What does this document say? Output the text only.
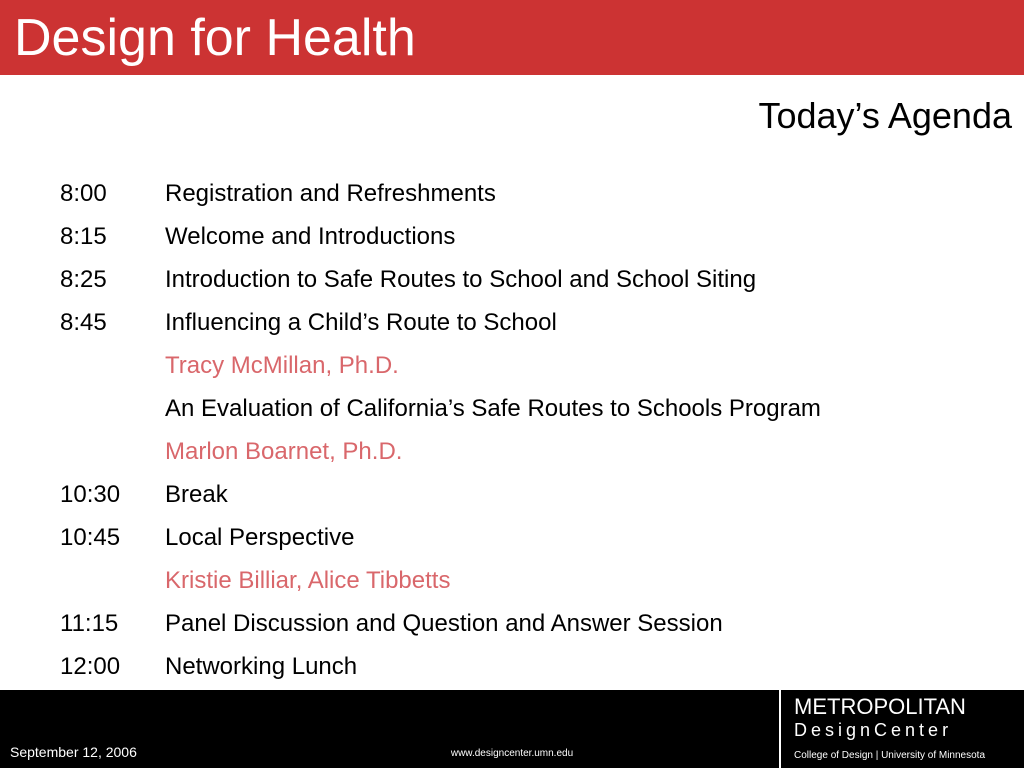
Design for Health
Today’s Agenda
8:00 Registration and Refreshments
8:15 Welcome and Introductions
8:25 Introduction to Safe Routes to School and School Siting
8:45 Influencing a Child’s Route to School
Tracy McMillan, Ph.D.
An Evaluation of California’s Safe Routes to Schools Program
Marlon Boarnet, Ph.D.
10:30 Break
10:45 Local Perspective
Kristie Billiar, Alice Tibbetts
11:15 Panel Discussion and Question and Answer Session
12:00 Networking Lunch
September 12, 2006	www.designcenter.umn.edu
METROPOLITAN
DesignCenter
College of Design | University of Minnesota
